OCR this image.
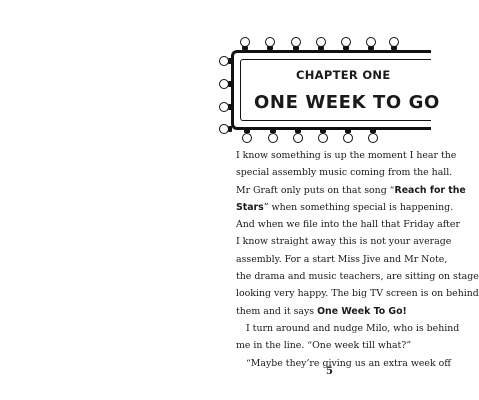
CHAPTER ONE
ONE WEEK TO GO
I know something is up the moment I hear the
special assembly music coming from the hall.
Mr Graft only puts on that song “Reach for the
Stars” when something special is happening.
And when we file into the hall that Friday after
I know straight away this is not your average
assembly. For a start Miss Jive and Mr Note,
the drama and music teachers, are sitting on stage
looking very happy. The big TV screen is on behind
them and it says One Week To Go!
I turn around and nudge Milo, who is behind
me in the line. “One week till what?”
“Maybe they’re giving us an extra week off
5
